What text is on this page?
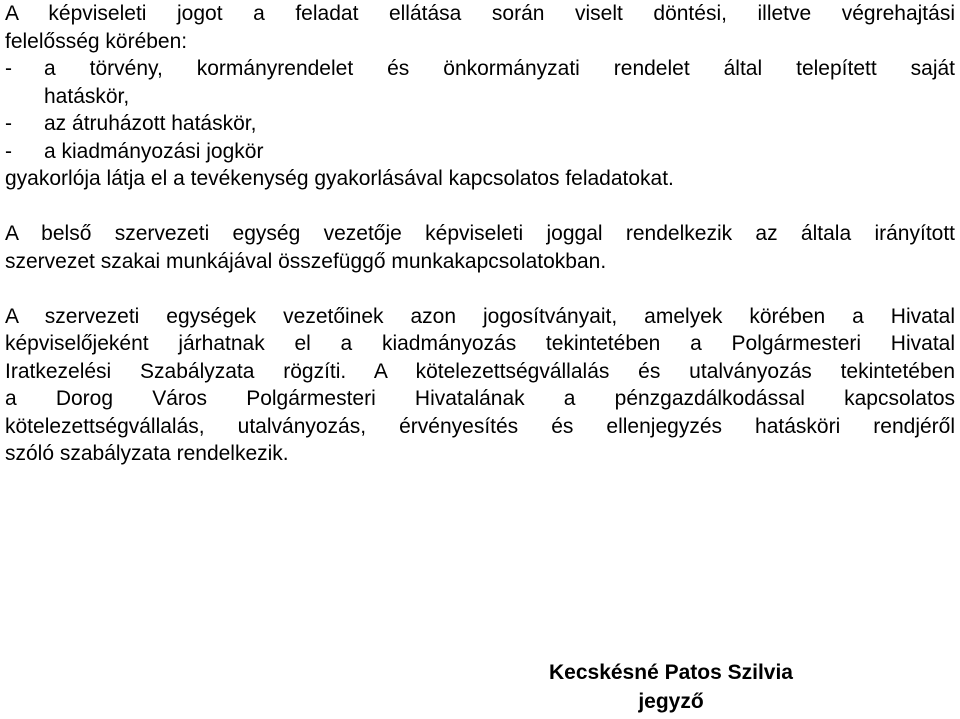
A képviseleti jogot a feladat ellátása során viselt döntési, illetve végrehajtási
felelősség körében:
- a törvény, kormányrendelet és önkormányzati rendelet által telepített saját
hatáskör,
- az átruházott hatáskör,
- a kiadmányozási jogkör
gyakorlója látja el a tevékenység gyakorlásával kapcsolatos feladatokat.
A belső szervezeti egység vezetője képviseleti joggal rendelkezik az általa irányított
szervezet szakai munkájával összefüggő munkakapcsolatokban.
A szervezeti egységek vezetőinek azon jogosítványait, amelyek körében a Hivatal
képviselőjeként járhatnak el a kiadmányozás tekintetében a Polgármesteri Hivatal
Iratkezelési Szabályzata rögzíti. A kötelezettségvállalás és utalványozás tekintetében
a Dorog Város Polgármesteri Hivatalának a pénzgazdálkodással kapcsolatos
kötelezettségvállalás, utalványozás, érvényesítés és ellenjegyzés hatásköri rendjéről
szóló szabályzata rendelkezik.
Kecskésné Patos Szilvia
jegyző
